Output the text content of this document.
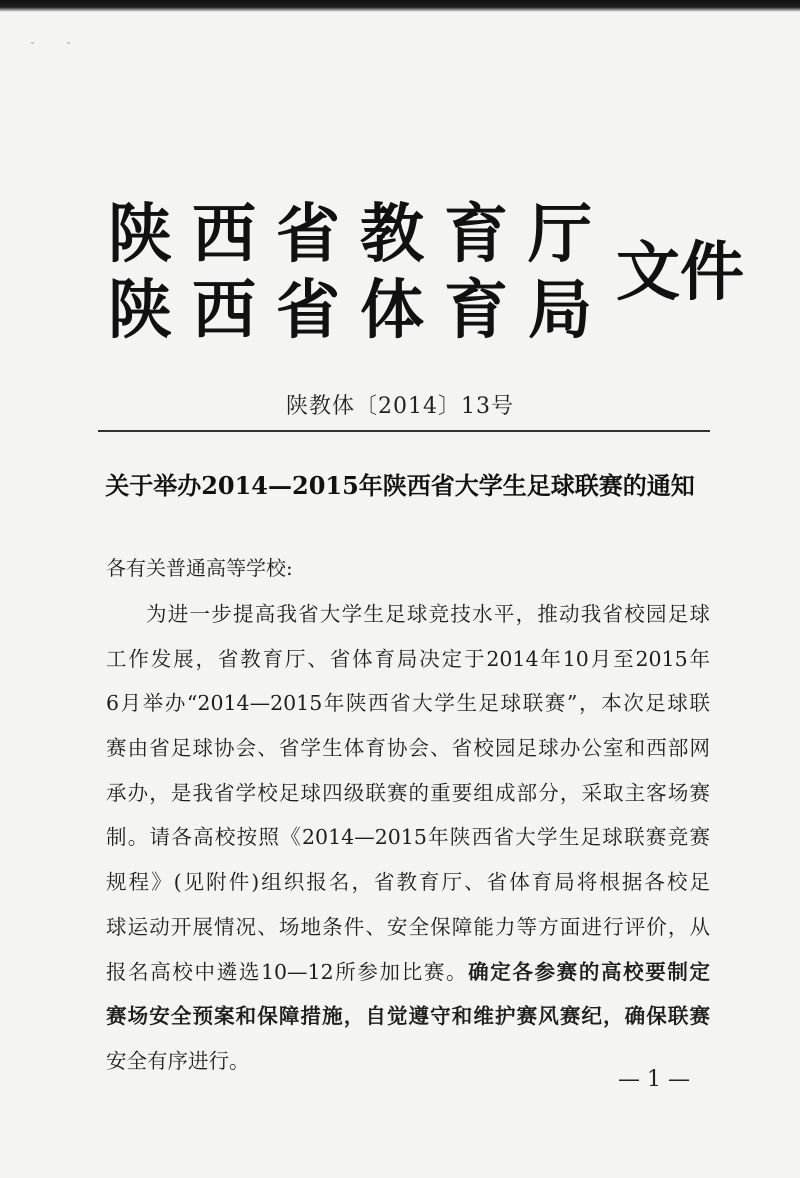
˘	˜
陕西省教育厅
陕西省体育局
文件
陕教体〔2014〕13号
关于举办2014—2015年陕西省大学生足球联赛的通知
各有关普通高等学校:
为进一步提高我省大学生足球竞技水平，推动我省校园足球
工作发展，省教育厅、省体育局决定于2014年10月至2015年
6月举办“2014—2015年陕西省大学生足球联赛”，本次足球联
赛由省足球协会、省学生体育协会、省校园足球办公室和西部网
承办，是我省学校足球四级联赛的重要组成部分，采取主客场赛
制。请各高校按照《2014—2015年陕西省大学生足球联赛竞赛
规程》(见附件)组织报名，省教育厅、省体育局将根据各校足
球运动开展情况、场地条件、安全保障能力等方面进行评价，从
报名高校中遴选10—12所参加比赛。确定各参赛的高校要制定
赛场安全预案和保障措施，自觉遵守和维护赛风赛纪，确保联赛
安全有序进行。
— 1 —
